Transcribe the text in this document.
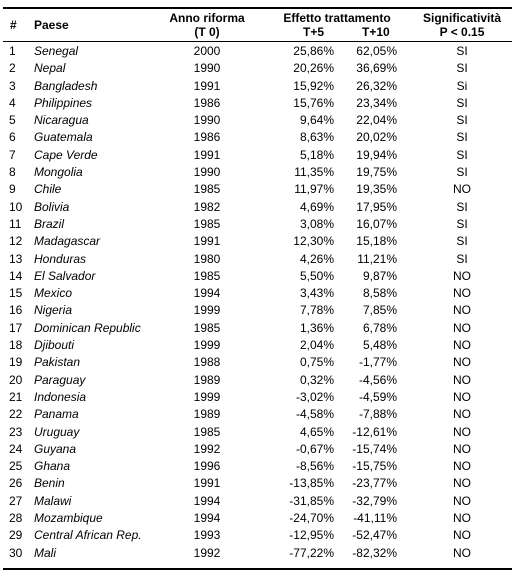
# Paese	Anno riforma
(T 0)
Effetto trattamento
T+5	T+10
Significatività
P < 0.15
1 Senegal	2000	25,86%	62,05%	SI
2 Nepal	1990	20,26%	36,69%	SI
3 Bangladesh	1991	15,92%	26,32%	Si
4 Philippines	1986	15,76%	23,34%	SI
5 Nicaragua	1990	9,64%	22,04%	SI
6 Guatemala	1986	8,63%	20,02%	SI
7 Cape Verde	1991	5,18%	19,94%	SI
8 Mongolia	1990	11,35%	19,75%	SI
9 Chile	1985	11,97%	19,35%	NO
10 Bolivia	1982	4,69%	17,95%	SI
11 Brazil	1985	3,08%	16,07%	SI
12 Madagascar	1991	12,30%	15,18%	SI
13 Honduras	1980	4,26%	11,21%	SI
14 El Salvador	1985	5,50%	9,87%	NO
15 Mexico	1994	3,43%	8,58%	NO
16 Nigeria	1999	7,78%	7,85%	NO
17 Dominican Republic	1985	1,36%	6,78%	NO
18 Djibouti	1999	2,04%	5,48%	NO
19 Pakistan	1988	0,75%	-1,77%	NO
20 Paraguay	1989	0,32%	-4,56%	NO
21 Indonesia	1999	-3,02%	-4,59%	NO
22 Panama	1989	-4,58%	-7,88%	NO
23 Uruguay	1985	4,65%	-12,61%	NO
24 Guyana	1992	-0,67%	-15,74%	NO
25 Ghana	1996	-8,56%	-15,75%	NO
26 Benin	1991	-13,85%	-23,77%	NO
27 Malawi	1994	-31,85%	-32,79%	NO
28 Mozambique	1994	-24,70%	-41,11%	NO
29 Central African Rep.	1993	-12,95%	-52,47%	NO
30 Mali	1992	-77,22%	-82,32%	NO
